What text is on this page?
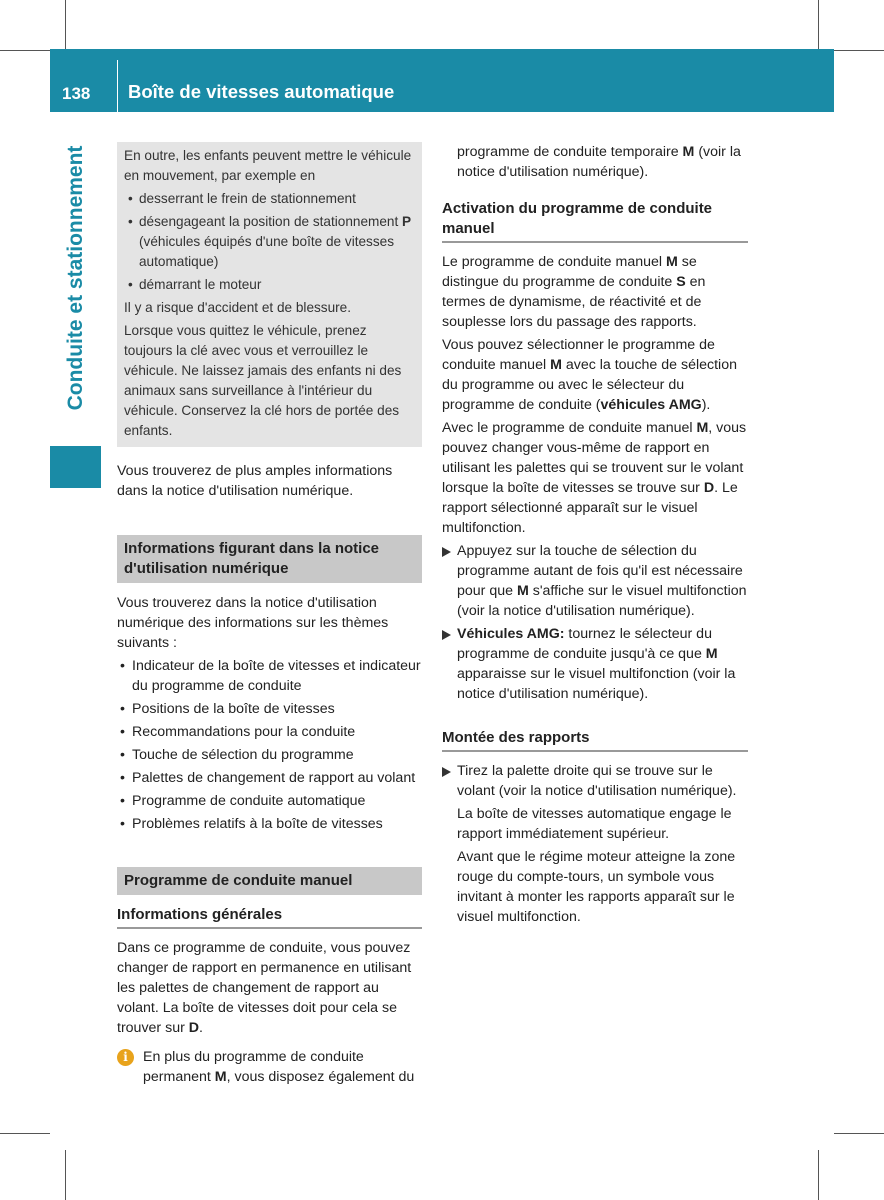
138 Boîte de vitesses automatique
Conduite et stationnement	En outre, les enfants peuvent mettre le véhicule en mouvement, par exemple en

• desserrant le frein de stationnement
• désengageant la position de stationnement P (véhicules équipés d'une boîte de vitesses automatique)
• démarrant le moteur

Il y a risque d'accident et de blessure.

Lorsque vous quittez le véhicule, prenez toujours la clé avec vous et verrouillez le véhicule. Ne laissez jamais des enfants ni des animaux sans surveillance à l'intérieur du véhicule. Conservez la clé hors de portée des enfants.

Vous trouverez de plus amples informations dans la notice d'utilisation numérique.

Informations figurant dans la notice d'utilisation numérique

Vous trouverez dans la notice d'utilisation numérique des informations sur les thèmes suivants :

• Indicateur de la boîte de vitesses et indicateur du programme de conduite
• Positions de la boîte de vitesses
• Recommandations pour la conduite
• Touche de sélection du programme
• Palettes de changement de rapport au volant
• Programme de conduite automatique
• Problèmes relatifs à la boîte de vitesses
Programme de conduite manuel
Informations générales

Dans ce programme de conduite, vous pouvez changer de rapport en permanence en utilisant les palettes de changement de rapport au volant. La boîte de vitesses doit pour cela se trouver sur D.

i	En plus du programme de conduite permanent M, vous disposez également du

programme de conduite temporaire M (voir la notice d'utilisation numérique).

Activation du programme de conduite manuel

Le programme de conduite manuel M se distingue du programme de conduite S en termes de dynamisme, de réactivité et de souplesse lors du passage des rapports.

Vous pouvez sélectionner le programme de conduite manuel M avec la touche de sélection du programme ou avec le sélecteur du programme de conduite (véhicules AMG).

Avec le programme de conduite manuel M, vous pouvez changer vous-même de rapport en utilisant les palettes qui se trouvent sur le volant lorsque la boîte de vitesses se trouve sur D. Le rapport sélectionné apparaît sur le visuel multifonction.

Appuyez sur la touche de sélection du programme autant de fois qu'il est nécessaire pour que M s'affiche sur le visuel multifonction (voir la notice d'utilisation numérique).
Véhicules AMG: tournez le sélecteur du programme de conduite jusqu'à ce que M apparaisse sur le visuel multifonction (voir la notice d'utilisation numérique).
Montée des rapports
Tirez la palette droite qui se trouve sur le volant (voir la notice d'utilisation numérique).

La boîte de vitesses automatique engage le rapport immédiatement supérieur.

Avant que le régime moteur atteigne la zone rouge du compte-tours, un symbole vous invitant à monter les rapports apparaît sur le visuel multifonction.
